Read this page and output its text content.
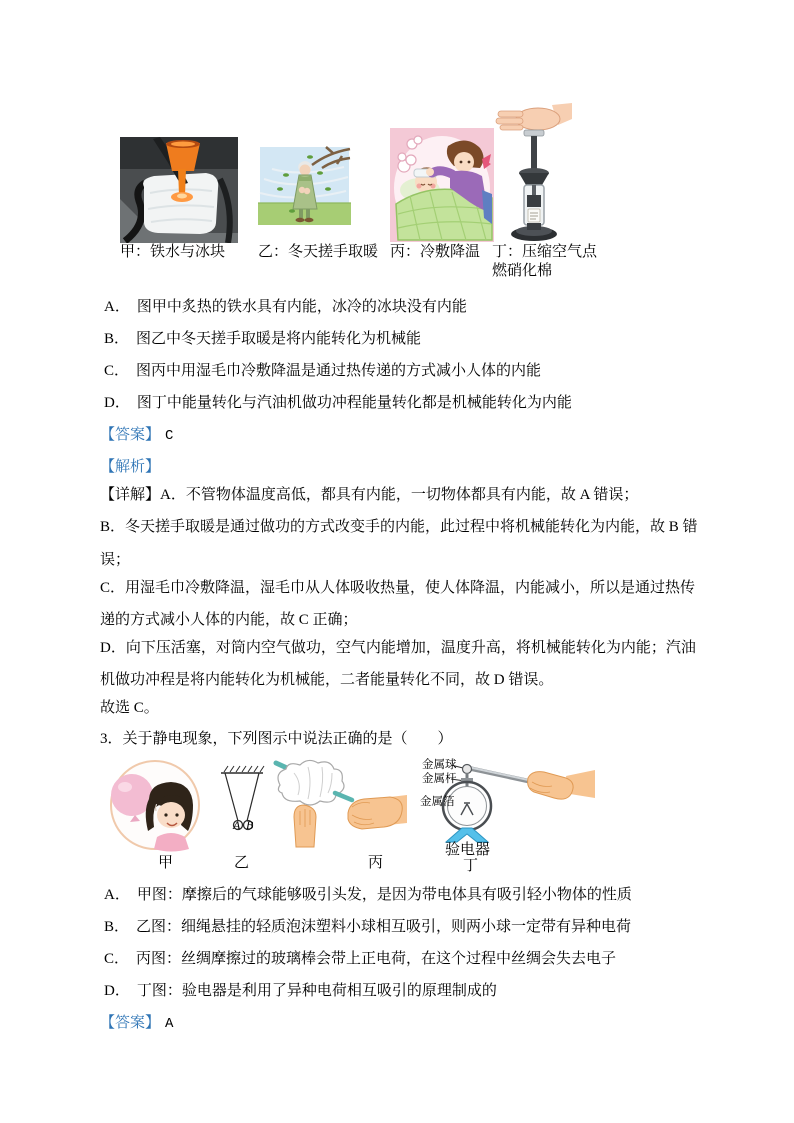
甲：铁水与冰块 乙：冬天搓手取暖 丙：冷敷降温 丁：压缩空气点
燃硝化棉
A． 图甲中炙热的铁水具有内能，冰冷的冰块没有内能
B． 图乙中冬天搓手取暖是将内能转化为机械能
C． 图丙中用湿毛巾冷敷降温是通过热传递的方式减小人体的内能
D． 图丁中能量转化与汽油机做功冲程能量转化都是机械能转化为内能
【答案】 C
【解析】
【详解】A．不管物体温度高低，都具有内能，一切物体都具有内能，故 A 错误；
B．冬天搓手取暖是通过做功的方式改变手的内能，此过程中将机械能转化为内能，故 B 错
误；
C．用湿毛巾冷敷降温，湿毛巾从人体吸收热量，使人体降温，内能减小，所以是通过热传
递的方式减小人体的内能，故 C 正确；
D．向下压活塞，对筒内空气做功，空气内能增加，温度升高，将机械能转化为内能；汽油
机做功冲程是将内能转化为机械能，二者能量转化不同，故 D 错误。
故选 C。
3．关于静电现象，下列图示中说法正确的是（　　）
A B
金属球
金属杆
金属箔
验电器
甲	乙	丙	丁
A． 甲图：摩擦后的气球能够吸引头发，是因为带电体具有吸引轻小物体的性质
B． 乙图：细绳悬挂的轻质泡沫塑料小球相互吸引，则两小球一定带有异种电荷
C． 丙图：丝绸摩擦过的玻璃棒会带上正电荷，在这个过程中丝绸会失去电子
D． 丁图：验电器是利用了异种电荷相互吸引的原理制成的
【答案】 A
